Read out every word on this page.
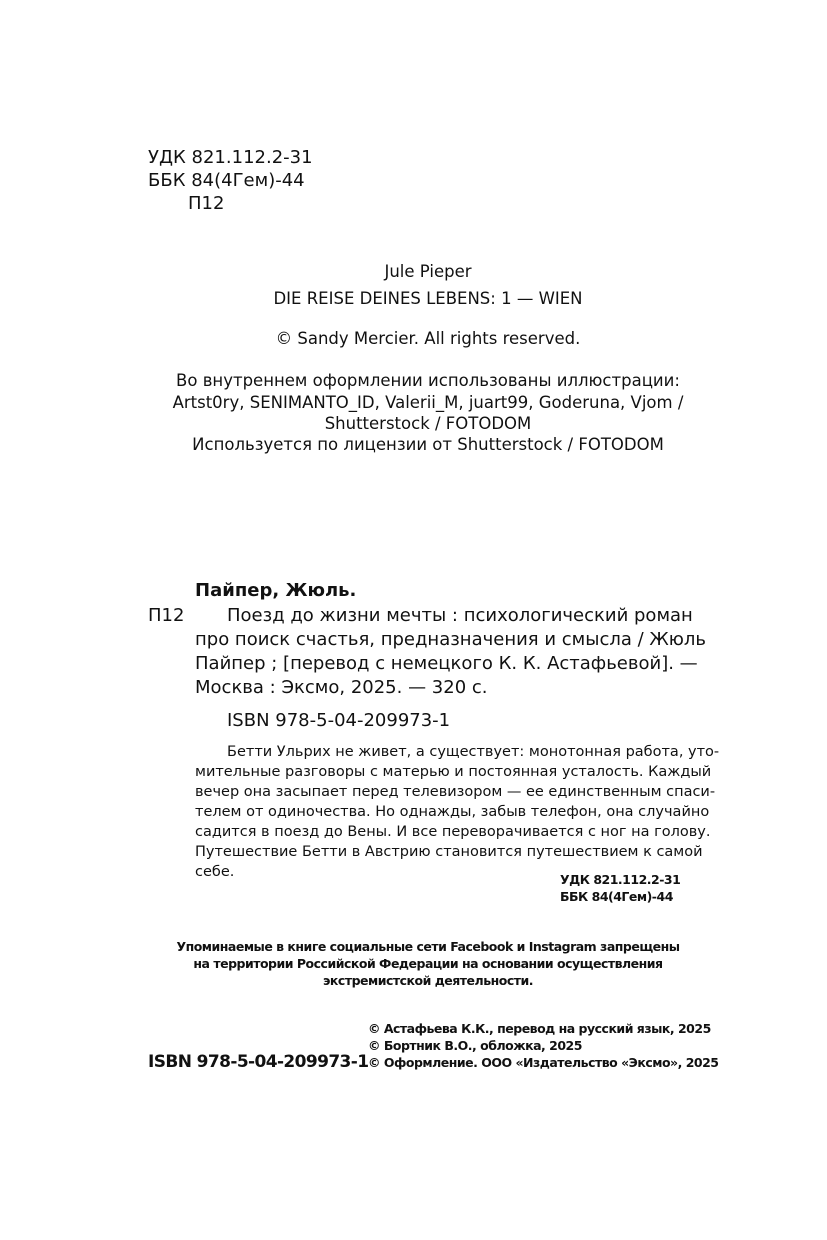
УДК 821.112.2-31
ББК 84(4Гем)-44
П12
Jule Pieper
DIE REISE DEINES LEBENS: 1 — WIEN
© Sandy Mercier. All rights reserved.
Во внутреннем оформлении использованы иллюстрации:
Artst0ry, SENIMANTO_ID, Valerii_M, juart99, Goderuna, Vjom /
Shutterstock / FOTODOM
Используется по лицензии от Shutterstock / FOTODOM
Пайпер, Жюль.
П12 Поезд до жизни мечты : психологический роман
про поиск счастья, предназначения и смысла / Жюль
Пайпер ; [перевод с немецкого К. К. Астафьевой]. —
Москва : Эксмо, 2025. — 320 с.
ISBN 978-5-04-209973-1
Бетти Ульрих не живет, а существует: монотонная работа, уто-
мительные разговоры с матерью и постоянная усталость. Каждый
вечер она засыпает перед телевизором — ее единственным спаси-
телем от одиночества. Но однажды, забыв телефон, она случайно
садится в поезд до Вены. И все переворачивается с ног на голову.
Путешествие Бетти в Австрию становится путешествием к самой
себе.	УДК 821.112.2-31
ББК 84(4Гем)-44
Упоминаемые в книге социальные сети Facebook и Instagram запрещены
на территории Российской Федерации на основании осуществления
экстремистской деятельности.
ISBN 978-5-04-209973-1
© Астафьева К.К., перевод на русский язык, 2025
© Бортник В.О., обложка, 2025
© Оформление. ООО «Издательство «Эксмо», 2025
